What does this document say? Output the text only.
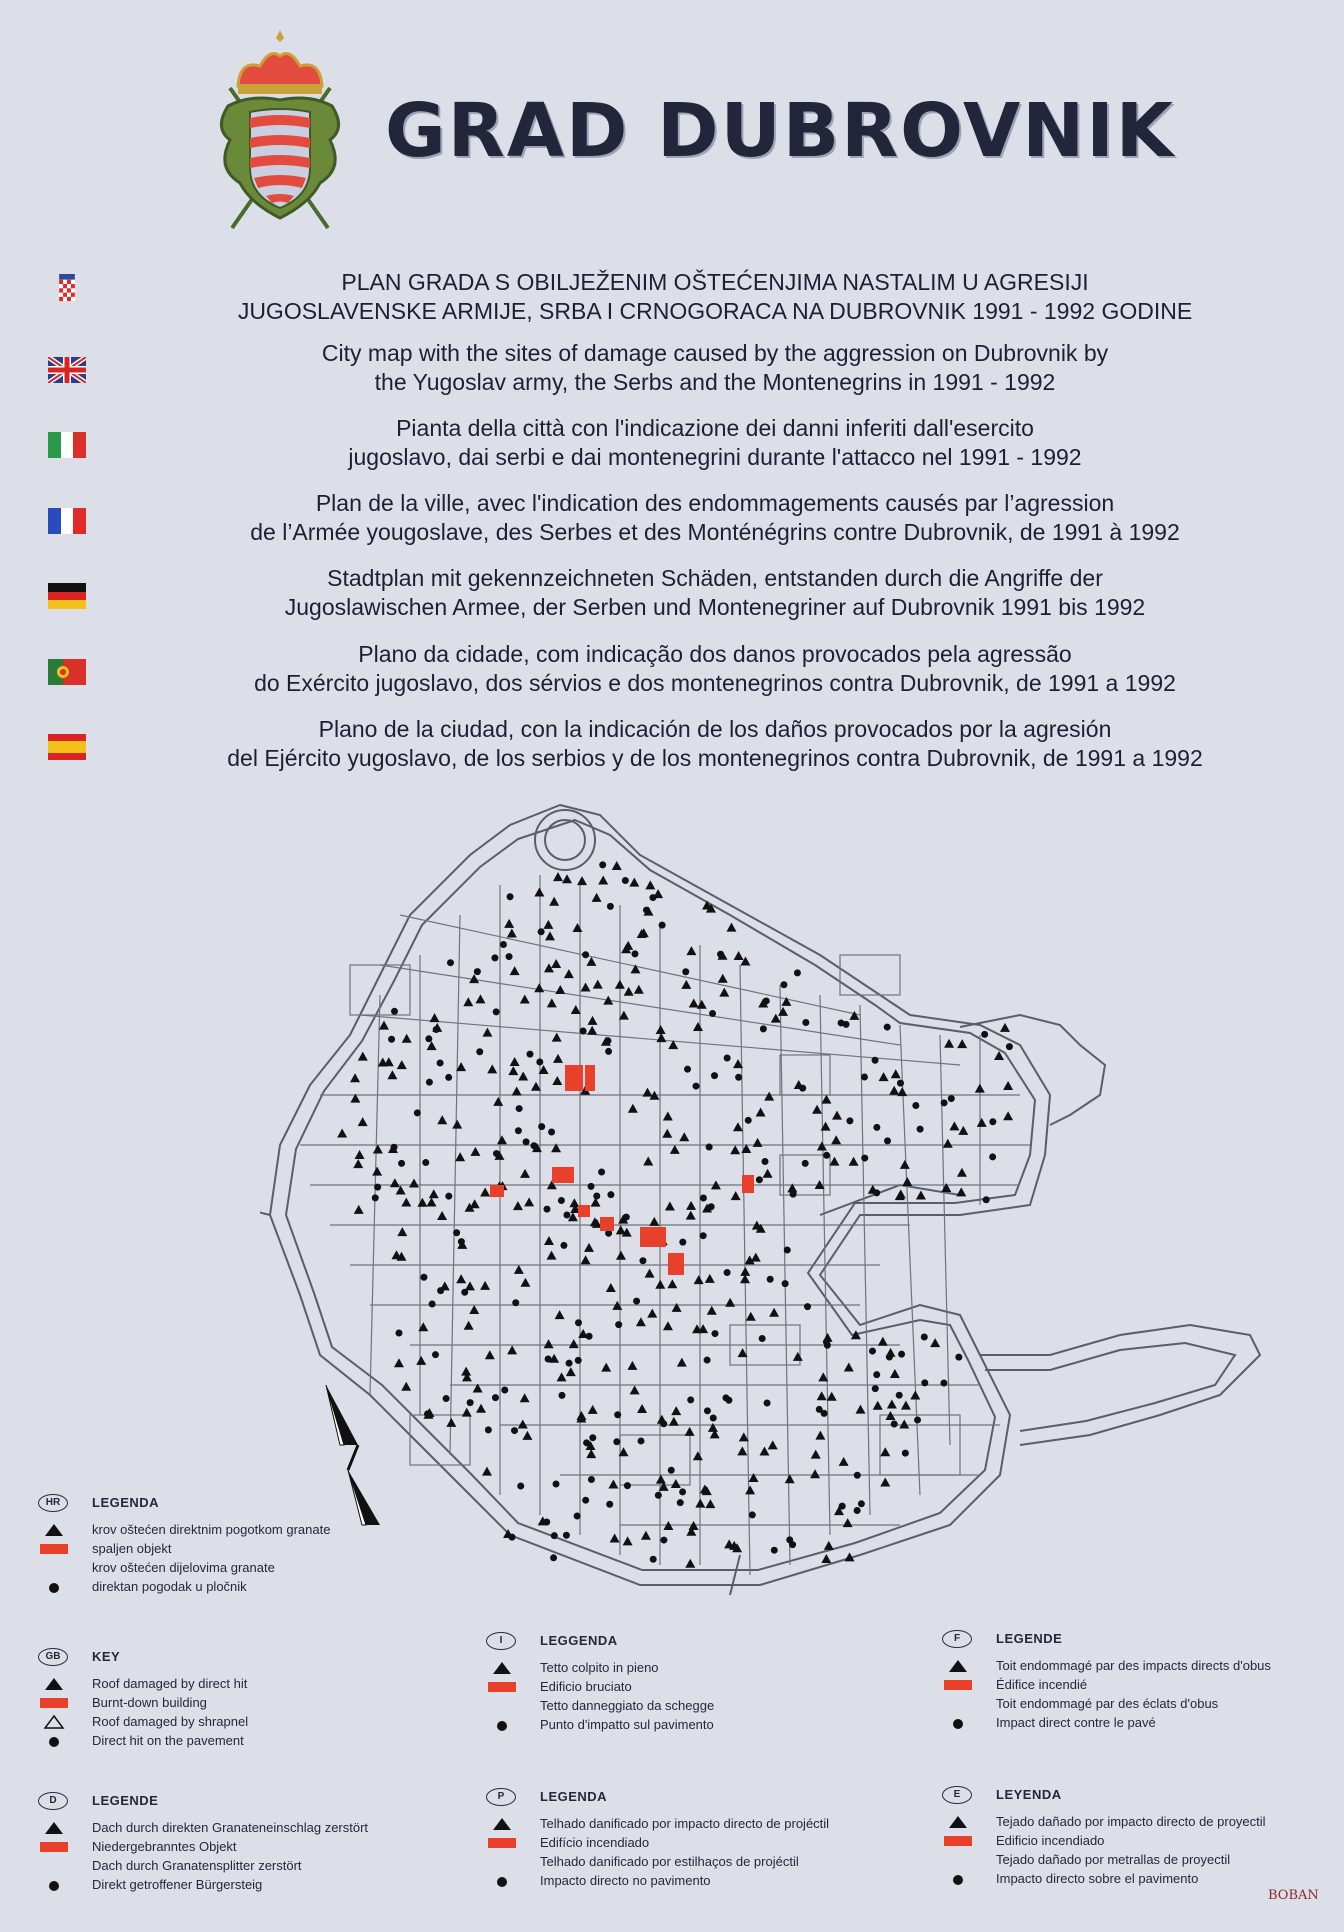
GRAD DUBROVNIK
PLAN GRADA S OBILJEŽENIM OŠTEĆENJIMA NASTALIM U AGRESIJI
JUGOSLAVENSKE ARMIJE, SRBA I CRNOGORACA NA DUBROVNIK 1991 - 1992 GODINE
City map with the sites of damage caused by the aggression on Dubrovnik by
the Yugoslav army, the Serbs and the Montenegrins in 1991 - 1992
Pianta della città con l'indicazione dei danni inferiti dall'esercito
jugoslavo, dai serbi e dai montenegrini durante l'attacco nel 1991 - 1992
Plan de la ville, avec l'indication des endommagements causés par l’agression
de l’Armée yougoslave, des Serbes et des Monténégrins contre Dubrovnik, de 1991 à 1992
Stadtplan mit gekennzeichneten Schäden, entstanden durch die Angriffe der
Jugoslawischen Armee, der Serben und Montenegriner auf Dubrovnik 1991 bis 1992
Plano da cidade, com indicação dos danos provocados pela agressão
do Exército jugoslavo, dos sérvios e dos montenegrinos contra Dubrovnik, de 1991 a 1992
Plano de la ciudad, con la indicación de los daños provocados por la agresión
del Ejército yugoslavo, de los serbios y de los montenegrinos contra Dubrovnik, de 1991 a 1992
HR	LEGENDA
krov oštećen direktnim pogotkom granate
spaljen objekt
krov oštećen dijelovima granate
direktan pogodak u pločnik
GB	KEY
Roof damaged by direct hit
Burnt-down building
Roof damaged by shrapnel
Direct hit on the pavement
D	LEGENDE
Dach durch direkten Granateneinschlag zerstört
Niedergebranntes Objekt
Dach durch Granatensplitter zerstört
Direkt getroffener Bürgersteig
I	LEGGENDA
Tetto colpito in pieno
Edificio bruciato
Tetto danneggiato da schegge
Punto d'impatto sul pavimento
P	LEGENDA
Telhado danificado por impacto directo de projéctil
Edifício incendiado
Telhado danificado por estilhaços de projéctil
Impacto directo no pavimento
F	LEGENDE
Toit endommagé par des impacts directs d'obus
Édifice incendié
Toit endommagé par des éclats d'obus
Impact direct contre le pavé
E	LEYENDA
Tejado dañado por impacto directo de proyectil
Edificio incendiado
Tejado dañado por metrallas de proyectil
Impacto directo sobre el pavimento
BOBAN
